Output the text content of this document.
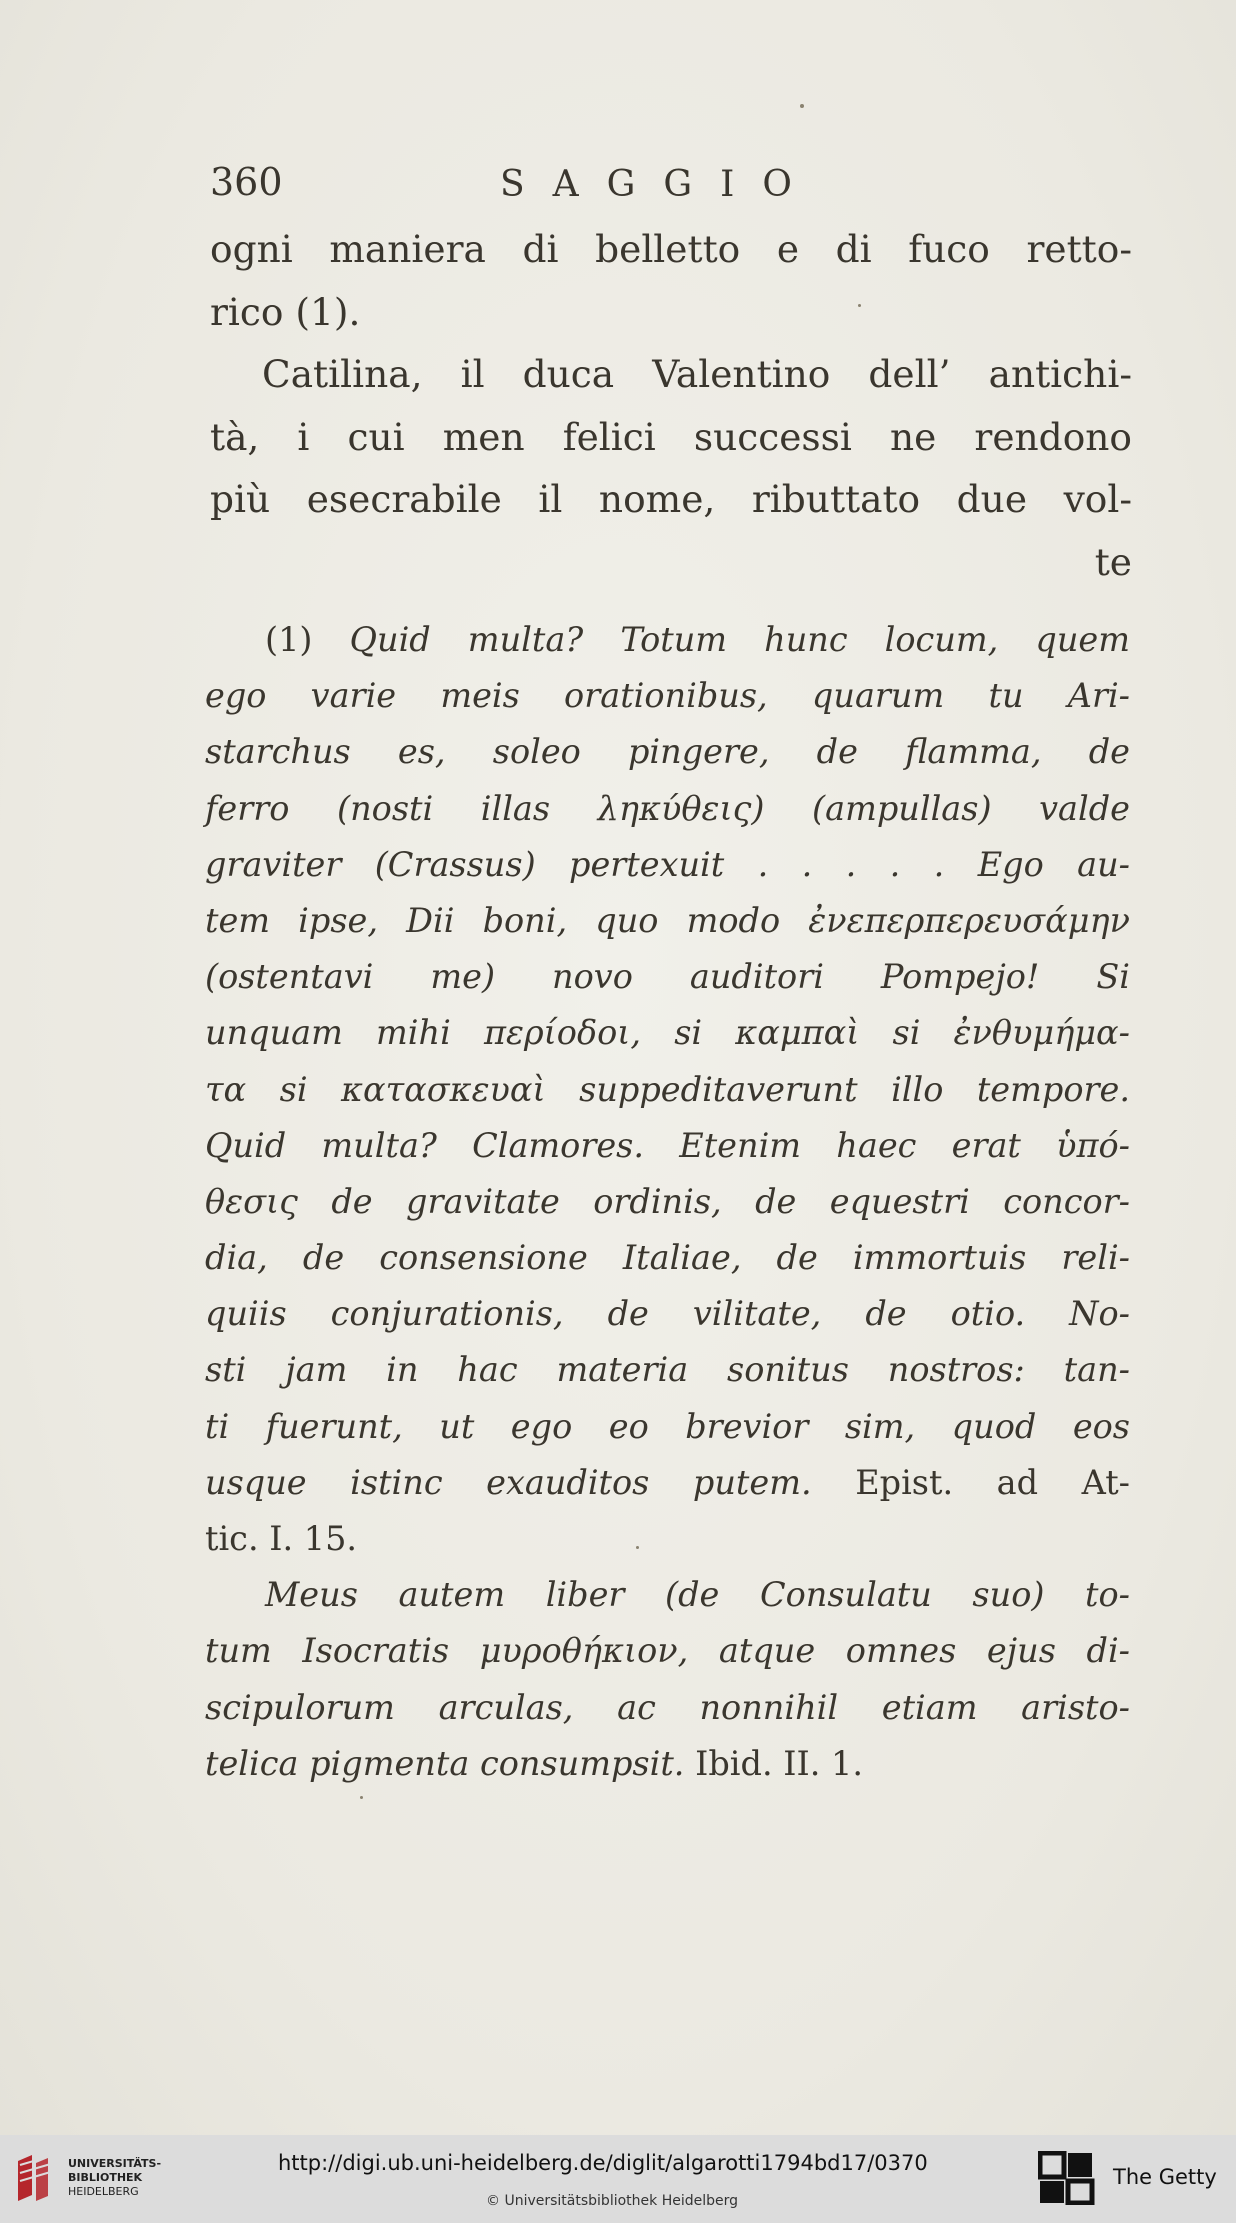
360	SAGGIO
ogni maniera di belletto e di fuco retto-
rico (1).
Catilina, il duca Valentino dell’ antichi-
tà, i cui men felici successi ne rendono
più esecrabile il nome, ributtato due vol-
te
(1) Quid multa? Totum hunc locum, quem
ego varie meis orationibus, quarum tu Ari-
starchus es, soleo pingere, de flamma, de
ferro (nosti illas ληκύθεις) (ampullas) valde
graviter (Crassus) pertexuit . . . . . Ego au-
tem ipse, Dii boni, quo modo ἐνεπερπερευσάμην
(ostentavi me) novo auditori Pompejo! Si
unquam mihi περίοδοι, si καμπαὶ si ἐνθυμήμα-
τα si κατασκευαὶ suppeditaverunt illo tempore.
Quid multa? Clamores. Etenim haec erat ὑπό-
θεσις de gravitate ordinis, de equestri concor-
dia, de consensione Italiae, de immortuis reli-
quiis conjurationis, de vilitate, de otio. No-
sti jam in hac materia sonitus nostros: tan-
ti fuerunt, ut ego eo brevior sim, quod eos
usque istinc exauditos putem. Epist. ad At-
tic. I. 15.
Meus autem liber (de Consulatu suo) to-
tum Isocratis μυροθήκιον, atque omnes ejus di-
scipulorum arculas, ac nonnihil etiam aristo-
telica pigmenta consumpsit. Ibid. II. 1.
UNIVERSITÄTS-
BIBLIOTHEK
HEIDELBERG
http://digi.ub.uni-heidelberg.de/diglit/algarotti1794bd17/0370
© Universitätsbibliothek Heidelberg
The Getty
